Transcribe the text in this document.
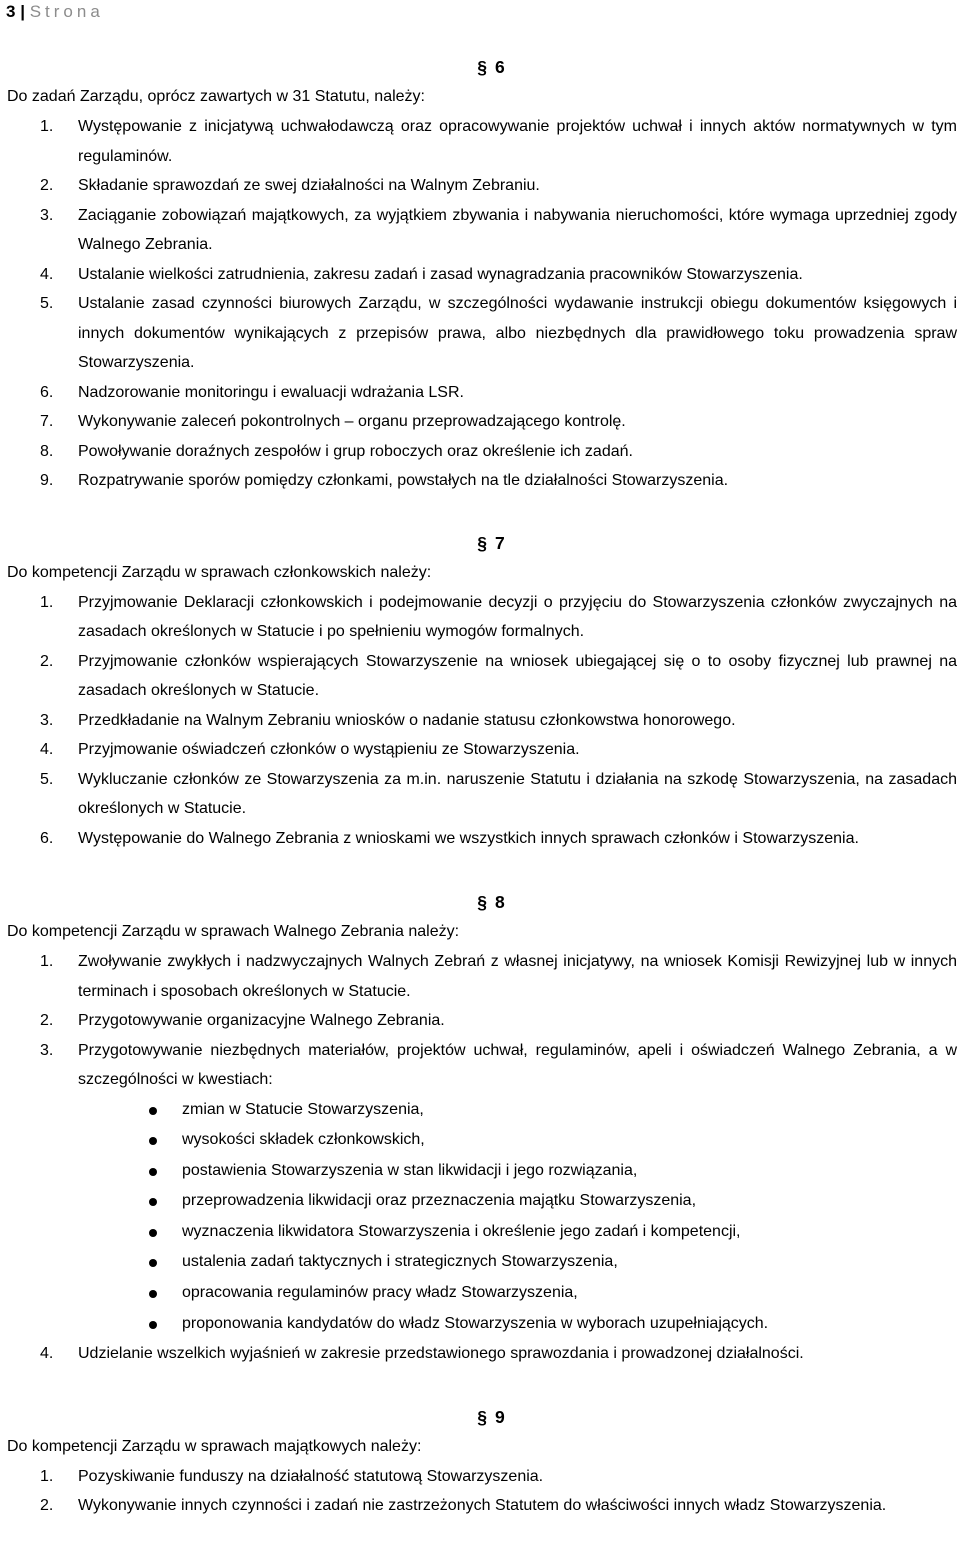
3 | Strona
§ 6
Do zadań Zarządu, oprócz zawartych w 31 Statutu, należy:
1. Występowanie z inicjatywą uchwałodawczą oraz opracowywanie projektów uchwał i innych aktów normatywnych w tym regulaminów.
2. Składanie sprawozdań ze swej działalności na Walnym Zebraniu.
3. Zaciąganie zobowiązań majątkowych, za wyjątkiem zbywania i nabywania nieruchomości, które wymaga uprzedniej zgody Walnego Zebrania.
4. Ustalanie wielkości zatrudnienia, zakresu zadań i zasad wynagradzania pracowników Stowarzyszenia.
5. Ustalanie zasad czynności biurowych Zarządu, w szczególności wydawanie instrukcji obiegu dokumentów księgowych i innych dokumentów wynikających z przepisów prawa, albo niezbędnych dla prawidłowego toku prowadzenia spraw Stowarzyszenia.
6. Nadzorowanie monitoringu i ewaluacji wdrażania LSR.
7. Wykonywanie zaleceń pokontrolnych – organu przeprowadzającego kontrolę.
8. Powoływanie doraźnych zespołów i grup roboczych oraz określenie ich zadań.
9. Rozpatrywanie sporów pomiędzy członkami, powstałych na tle działalności Stowarzyszenia.
§ 7
Do kompetencji Zarządu w sprawach członkowskich należy:
1. Przyjmowanie Deklaracji członkowskich i podejmowanie decyzji o przyjęciu do Stowarzyszenia członków zwyczajnych na zasadach określonych w Statucie i po spełnieniu wymogów formalnych.
2. Przyjmowanie członków wspierających Stowarzyszenie na wniosek ubiegającej się o to osoby fizycznej lub prawnej na zasadach określonych w Statucie.
3. Przedkładanie na Walnym Zebraniu wniosków o nadanie statusu członkowstwa honorowego.
4. Przyjmowanie oświadczeń członków o wystąpieniu ze Stowarzyszenia.
5. Wykluczanie członków ze Stowarzyszenia za m.in. naruszenie Statutu i działania na szkodę Stowarzyszenia, na zasadach określonych w Statucie.
6. Występowanie do Walnego Zebrania z wnioskami we wszystkich innych sprawach członków i Stowarzyszenia.
§ 8
Do kompetencji Zarządu w sprawach Walnego Zebrania należy:
1. Zwoływanie zwykłych i nadzwyczajnych Walnych Zebrań z własnej inicjatywy, na wniosek Komisji Rewizyjnej lub w innych terminach i sposobach określonych w Statucie.
2. Przygotowywanie organizacyjne Walnego Zebrania.
3. Przygotowywanie niezbędnych materiałów, projektów uchwał, regulaminów, apeli i oświadczeń Walnego Zebrania, a w szczególności w kwestiach:
zmian w Statucie Stowarzyszenia,
wysokości składek członkowskich,
postawienia Stowarzyszenia w stan likwidacji i jego rozwiązania,
przeprowadzenia likwidacji oraz przeznaczenia majątku Stowarzyszenia,
wyznaczenia likwidatora Stowarzyszenia i określenie jego zadań i kompetencji,
ustalenia zadań taktycznych i strategicznych Stowarzyszenia,
opracowania regulaminów pracy władz Stowarzyszenia,
proponowania kandydatów do władz Stowarzyszenia w wyborach uzupełniających.
4. Udzielanie wszelkich wyjaśnień w zakresie przedstawionego sprawozdania i prowadzonej działalności.
§ 9
Do kompetencji Zarządu w sprawach majątkowych należy:
1. Pozyskiwanie funduszy na działalność statutową Stowarzyszenia.
2. Wykonywanie innych czynności i zadań nie zastrzeżonych Statutem do właściwości innych władz Stowarzyszenia.
